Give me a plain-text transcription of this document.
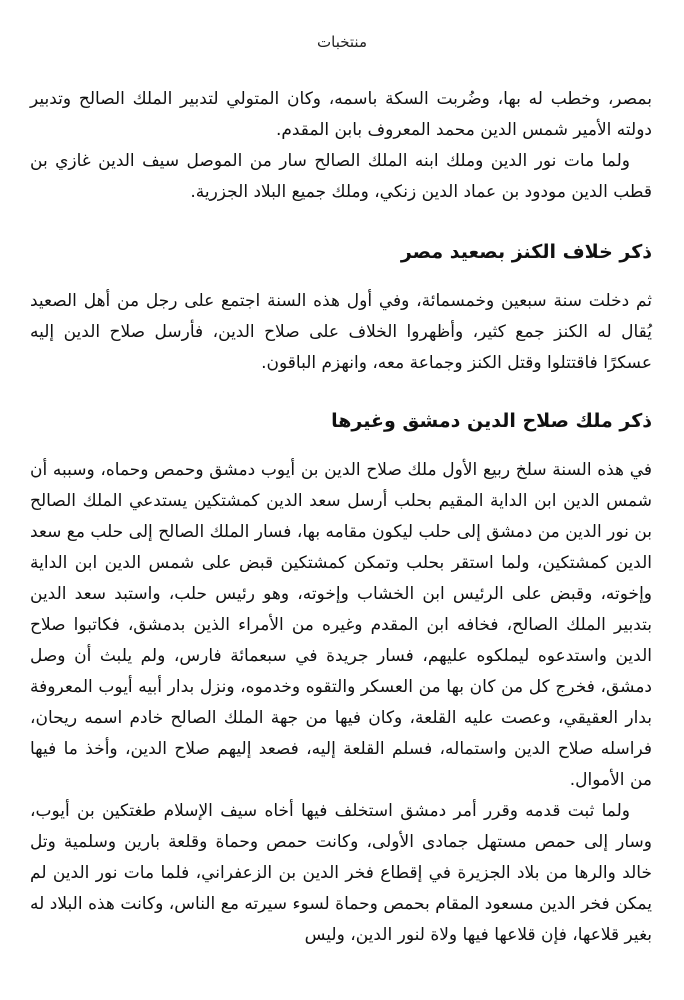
منتخبات

بمصر، وخطب له بها، وضُربت السكة باسمه، وكان المتولي لتدبير الملك الصالح وتدبير دولته الأمير شمس الدين محمد المعروف بابن المقدم.

ولما مات نور الدين وملك ابنه الملك الصالح سار من الموصل سيف الدين غازي بن قطب الدين مودود بن عماد الدين زنكي، وملك جميع البلاد الجزرية.

ذكر خلاف الكنز بصعيد مصر

ثم دخلت سنة سبعين وخمسمائة، وفي أول هذه السنة اجتمع على رجل من أهل الصعيد يُقال له الكنز جمع كثير، وأظهروا الخلاف على صلاح الدين، فأرسل صلاح الدين إليه عسكرًا فاقتتلوا وقتل الكنز وجماعة معه، وانهزم الباقون.

ذكر ملك صلاح الدين دمشق وغيرها

في هذه السنة سلخ ربيع الأول ملك صلاح الدين بن أيوب دمشق وحمص وحماه، وسببه أن شمس الدين ابن الداية المقيم بحلب أرسل سعد الدين كمشتكين يستدعي الملك الصالح بن نور الدين من دمشق إلى حلب ليكون مقامه بها، فسار الملك الصالح إلى حلب مع سعد الدين كمشتكين، ولما استقر بحلب وتمكن كمشتكين قبض على شمس الدين ابن الداية وإخوته، وقبض على الرئيس ابن الخشاب وإخوته، وهو رئيس حلب، واستبد سعد الدين بتدبير الملك الصالح، فخافه ابن المقدم وغيره من الأمراء الذين بدمشق، فكاتبوا صلاح الدين واستدعوه ليملكوه عليهم، فسار جريدة في سبعمائة فارس، ولم يلبث أن وصل دمشق، فخرج كل من كان بها من العسكر والتقوه وخدموه، ونزل بدار أبيه أيوب المعروفة بدار العقيقي، وعصت عليه القلعة، وكان فيها من جهة الملك الصالح خادم اسمه ريحان، فراسله صلاح الدين واستماله، فسلم القلعة إليه، فصعد إليهم صلاح الدين، وأخذ ما فيها من الأموال.

ولما ثبت قدمه وقرر أمر دمشق استخلف فيها أخاه سيف الإسلام طغتكين بن أيوب، وسار إلى حمص مستهل جمادى الأولى، وكانت حمص وحماة وقلعة بارين وسلمية وتل خالد والرها من بلاد الجزيرة في إقطاع فخر الدين بن الزعفراني، فلما مات نور الدين لم يمكن فخر الدين مسعود المقام بحمص وحماة لسوء سيرته مع الناس، وكانت هذه البلاد له بغير قلاعها، فإن قلاعها فيها ولاة لنور الدين، وليس
